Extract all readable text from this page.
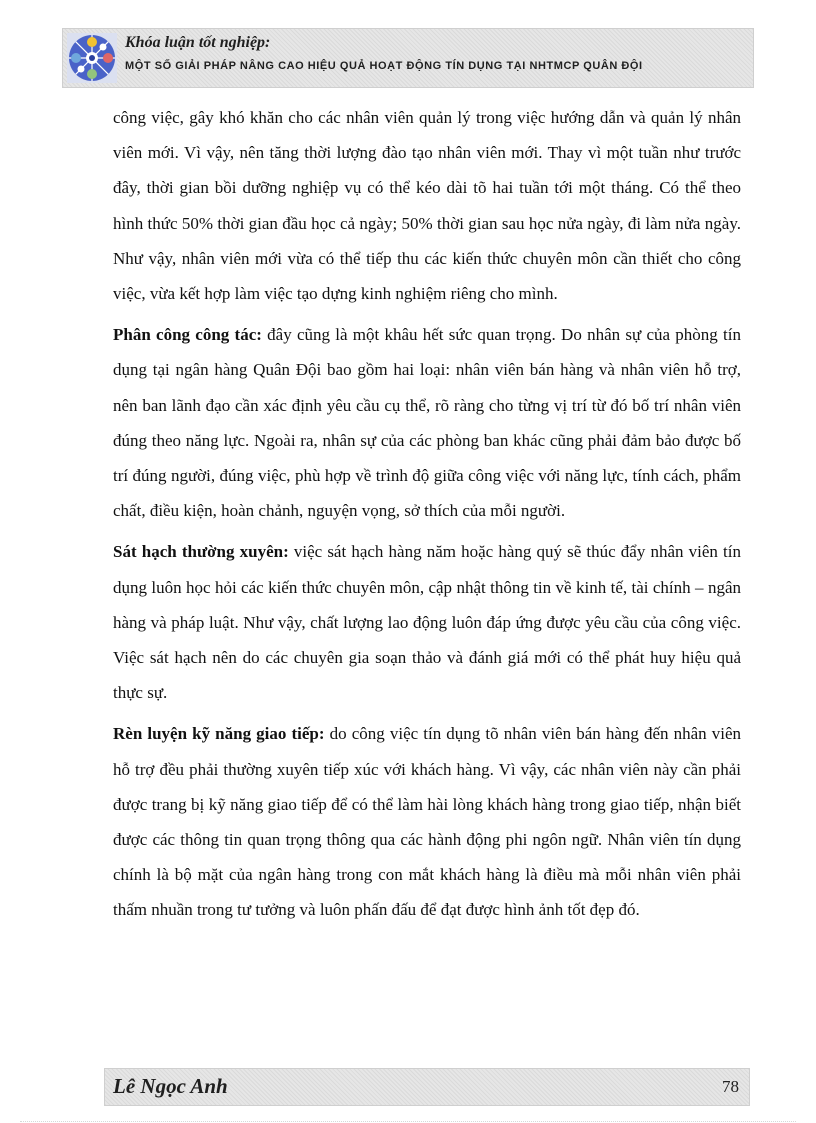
Khóa luận tốt nghiệp:

MỘT SỐ GIẢI PHÁP NÂNG CAO HIỆU QUẢ HOẠT ĐỘNG TÍN DỤNG TẠI NHTMCP QUÂN ĐỘI

công việc, gây khó khăn cho các nhân viên quản lý trong việc hướng dẫn và quản lý nhân viên mới. Vì vậy, nên tăng thời lượng đào tạo nhân viên mới. Thay vì một tuần như trước đây, thời gian bồi dưỡng nghiệp vụ có thể kéo dài tõ hai tuần tới một tháng. Có thể theo hình thức 50% thời gian đầu học cả ngày; 50% thời gian sau học nửa ngày, đi làm nửa ngày. Như vậy, nhân viên mới vừa có thể tiếp thu các kiến thức chuyên môn cần thiết cho công việc, vừa kết hợp làm việc tạo dựng kinh nghiệm riêng cho mình.

Phân công công tác: đây cũng là một khâu hết sức quan trọng. Do nhân sự của phòng tín dụng tại ngân hàng Quân Đội bao gồm hai loại: nhân viên bán hàng và nhân viên hỗ trợ, nên ban lãnh đạo cần xác định yêu cầu cụ thể, rõ ràng cho từng vị trí từ đó bố trí nhân viên đúng theo năng lực. Ngoài ra, nhân sự của các phòng ban khác cũng phải đảm bảo được bố trí đúng người, đúng việc, phù hợp về trình độ giữa công việc với năng lực, tính cách, phẩm chất, điều kiện, hoàn chảnh, nguyện vọng, sở thích của mỗi người.

Sát hạch thường xuyên: việc sát hạch hàng năm hoặc hàng quý sẽ thúc đẩy nhân viên tín dụng luôn học hỏi các kiến thức chuyên môn, cập nhật thông tin về kinh tế, tài chính – ngân hàng và pháp luật. Như vậy, chất lượng lao động luôn đáp ứng được yêu cầu của công việc. Việc sát hạch nên do các chuyên gia soạn thảo và đánh giá mới có thể phát huy hiệu quả thực sự.

Rèn luyện kỹ năng giao tiếp: do công việc tín dụng tõ nhân viên bán hàng đến nhân viên hỗ trợ đều phải thường xuyên tiếp xúc với khách hàng. Vì vậy, các nhân viên này cần phải được trang bị kỹ năng giao tiếp để có thể làm hài lòng khách hàng trong giao tiếp, nhận biết được các thông tin quan trọng thông qua các hành động phi ngôn ngữ. Nhân viên tín dụng chính là bộ mặt của ngân hàng trong con mắt khách hàng là điều mà mỗi nhân viên phải thấm nhuần trong tư tưởng và luôn phấn đấu để đạt được hình ảnh tốt đẹp đó.

Lê Ngọc Anh	78
